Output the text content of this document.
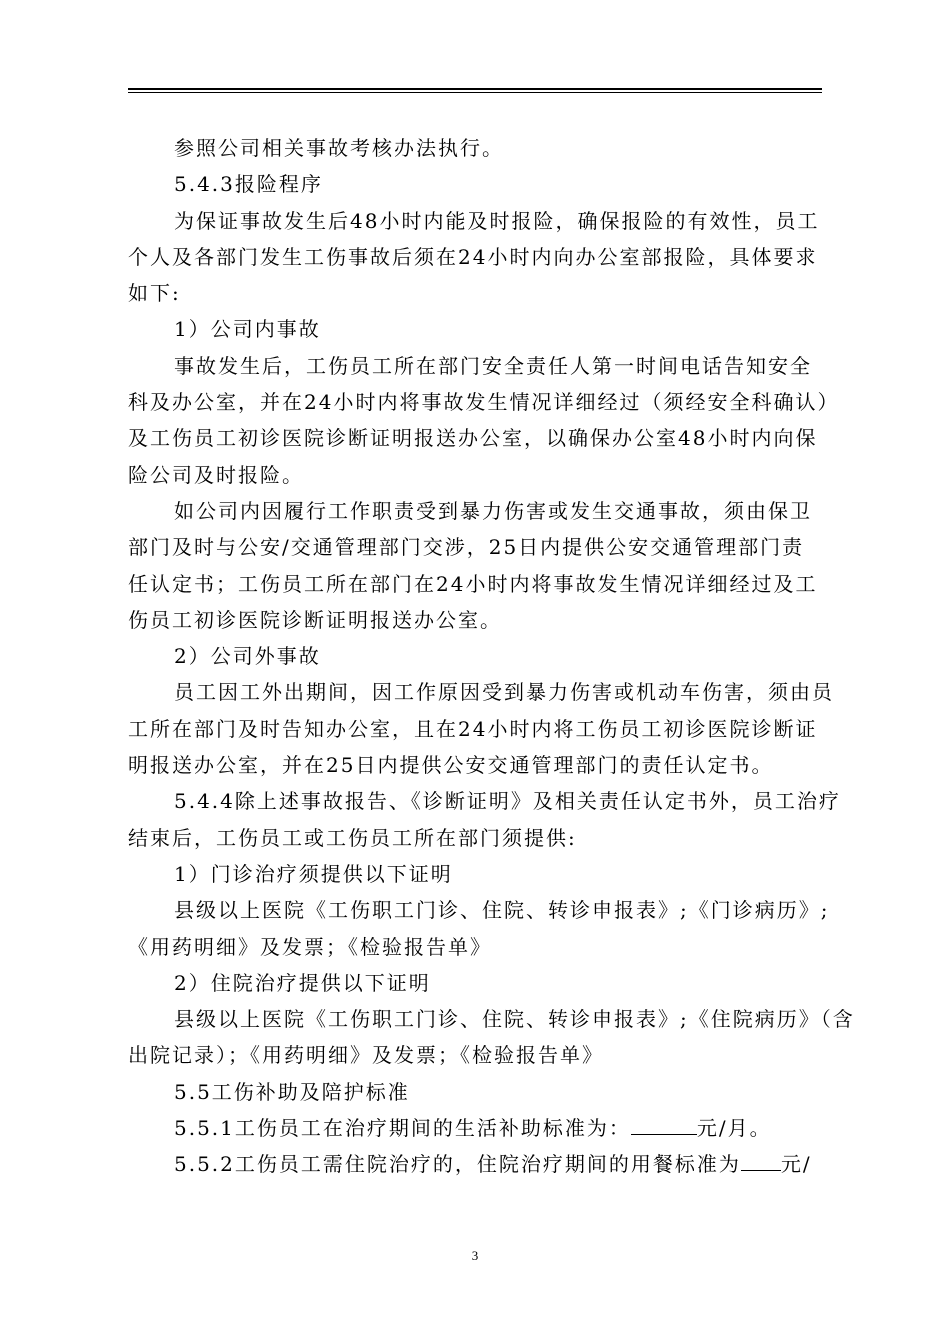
参照公司相关事故考核办法执行。
5.4.3报险程序
为保证事故发生后48小时内能及时报险，确保报险的有效性，员工
个人及各部门发生工伤事故后须在24小时内向办公室部报险，具体要求
如下:
1）公司内事故
事故发生后，工伤员工所在部门安全责任人第一时间电话告知安全
科及办公室，并在24小时内将事故发生情况详细经过（须经安全科确认）
及工伤员工初诊医院诊断证明报送办公室，以确保办公室48小时内向保
险公司及时报险。
如公司内因履行工作职责受到暴力伤害或发生交通事故，须由保卫
部门及时与公安/交通管理部门交涉，25日内提供公安交通管理部门责
任认定书；工伤员工所在部门在24小时内将事故发生情况详细经过及工
伤员工初诊医院诊断证明报送办公室。
2）公司外事故
员工因工外出期间，因工作原因受到暴力伤害或机动车伤害，须由员
工所在部门及时告知办公室，且在24小时内将工伤员工初诊医院诊断证
明报送办公室，并在25日内提供公安交通管理部门的责任认定书。
5.4.4除上述事故报告、《诊断证明》及相关责任认定书外，员工治疗
结束后，工伤员工或工伤员工所在部门须提供:
1）门诊治疗须提供以下证明
县级以上医院《工伤职工门诊、住院、转诊申报表》;《门诊病历》;
《用药明细》及发票；《检验报告单》
2）住院治疗提供以下证明
县级以上医院《工伤职工门诊、住院、转诊申报表》;《住院病历》（含
出院记录）；《用药明细》及发票；《检验报告单》
5.5工伤补助及陪护标准
5.5.1工伤员工在治疗期间的生活补助标准为：	元/月。
5.5.2工伤员工需住院治疗的，住院治疗期间的用餐标准为 元/
3
